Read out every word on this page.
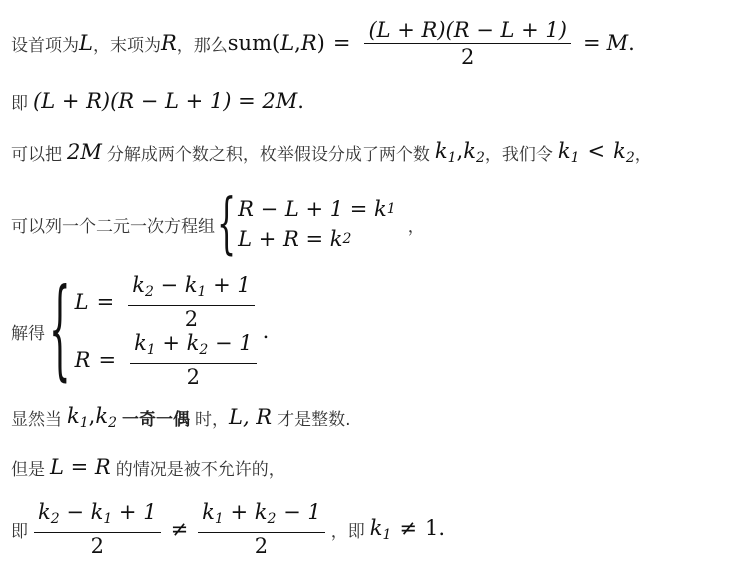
设首项为 L ，末项为 R ，那么 sum( L , R ) = $\frac{(L + R)(R - L + 1)}{2} = M$ .
即 (L + R)(R − L + 1) = 2M .
可以把 2M 分解成两个数之积，枚举假设分成了两个数 $k_1,k_2$ ，我们令 $k_1 < k_2$ ，
可以列一个二元一次方程组 { R − L + 1 = k 1
L + R = k 2
，
解得 { $L = \frac{k_2 - k_1 + 1}{2}$
$R = \frac{k_1 + k_2 - 1}{2}$ .
显然当 $k_1,k_2$ 一奇一偶 时， L, R 才是整数.
但是 L = R 的情况是被不允许的，
即 $\frac{k_2 - k_1 + 1}{2} \ne \frac{k_1 + k_2 - 1}{2}$ ，即 $k_1 \ne 1$.
